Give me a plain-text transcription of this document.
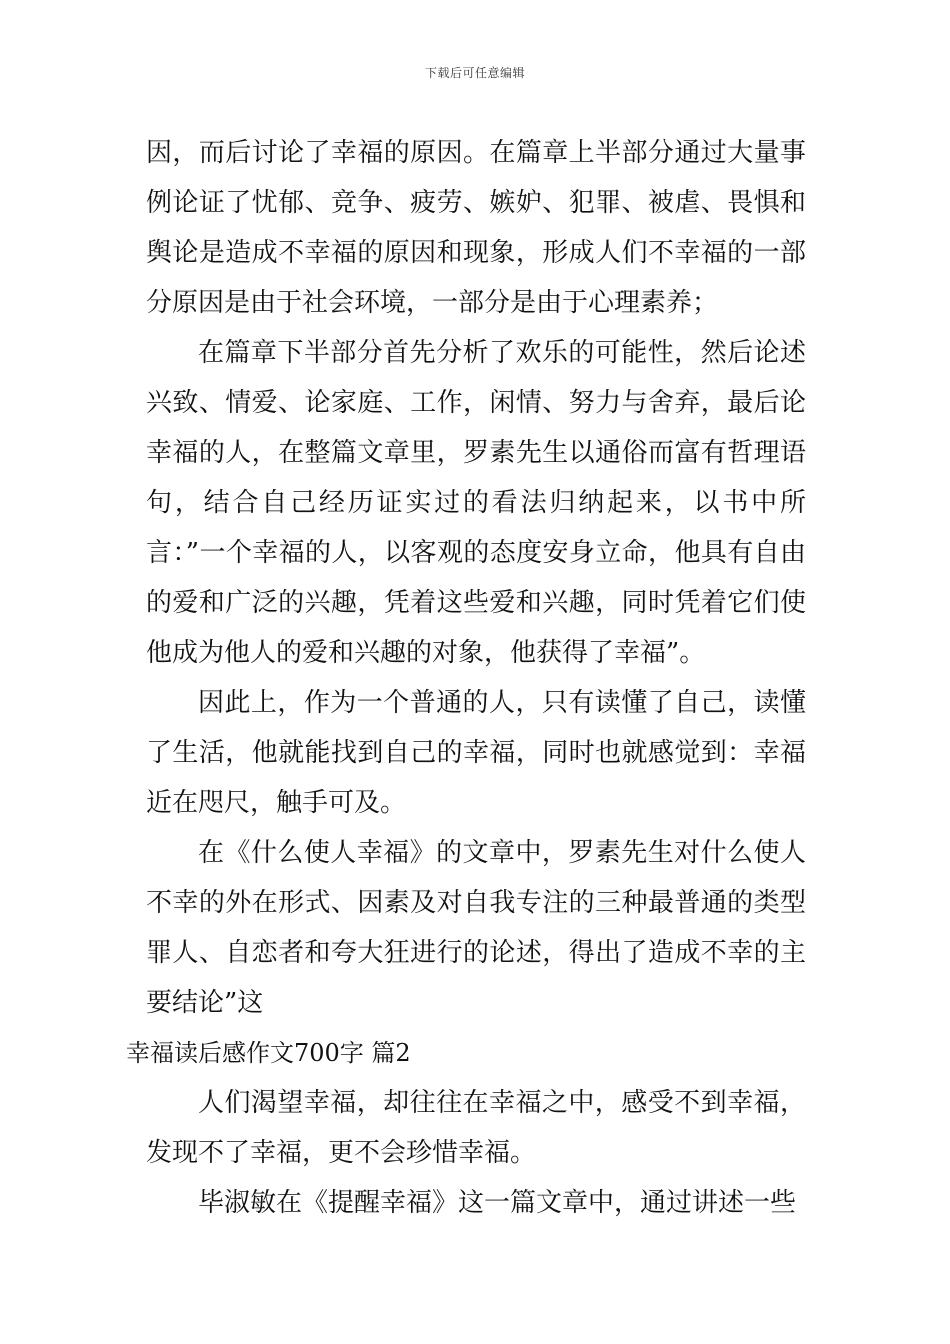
下载后可任意编辑

因，而后讨论了幸福的原因。在篇章上半部分通过大量事例论证了忧郁、竞争、疲劳、嫉妒、犯罪、被虐、畏惧和舆论是造成不幸福的原因和现象，形成人们不幸福的一部分原因是由于社会环境，一部分是由于心理素养；

在篇章下半部分首先分析了欢乐的可能性，然后论述兴致、情爱、论家庭、工作，闲情、努力与舍弃，最后论幸福的人，在整篇文章里，罗素先生以通俗而富有哲理语句，结合自己经历证实过的看法归纳起来，以书中所言：”一个幸福的人，以客观的态度安身立命，他具有自由的爱和广泛的兴趣，凭着这些爱和兴趣，同时凭着它们使他成为他人的爱和兴趣的对象，他获得了幸福”。

因此上，作为一个普通的人，只有读懂了自己，读懂了生活，他就能找到自己的幸福，同时也就感觉到：幸福近在咫尺，触手可及。

在《什么使人幸福》的文章中，罗素先生对什么使人不幸的外在形式、因素及对自我专注的三种最普通的类型罪人、自恋者和夸大狂进行的论述，得出了造成不幸的主要结论”这

幸福读后感作文700字 篇2

人们渴望幸福，却往往在幸福之中，感受不到幸福，发现不了幸福，更不会珍惜幸福。

毕淑敏在《提醒幸福》这一篇文章中，通过讲述一些
